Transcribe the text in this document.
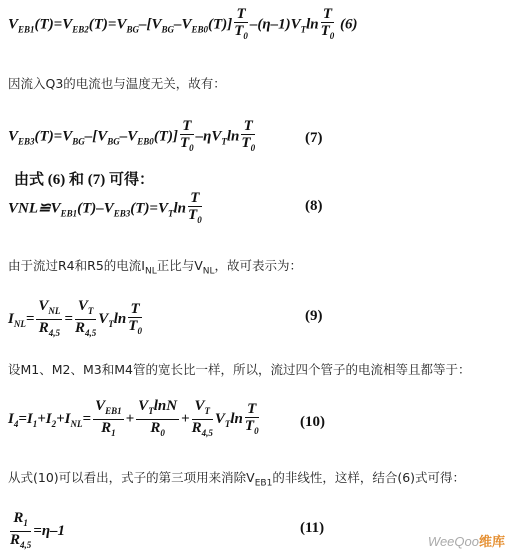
$V_{EB1}(T)=V_{EB2}(T)=V_{BG}-[V_{BG}-V_{EB0}(T)] \frac{T}{T_0} -(\eta-1)V_T\ln \frac{T}{T_0} (6)$
因流入Q3的电流也与温度无关，故有：
$V_{EB3}(T)=V_{BG}-[V_{BG}-V_{EB0}(T)] \frac{T}{T_0} -\eta V_T\ln \frac{T}{T_0}$	(7)
由式 (6) 和 (7) 可得：
$VNL≌V_{EB1}(T)-V_{EB3}(T)=V_T\ln \frac{T}{T_0}$	(8)
由于流过R4和R5的电流$I_{NL}$正比与$V_{NL}$，故可表示为：
$I_{NL}= \frac{V_{NL}}{R_{4,5}} = \frac{V_T}{R_{4,5}} V_T\ln \frac{T}{T_0}$	(9)
设M1、M2、M3和M4管的宽长比一样，所以，流过四个管子的电流相等且都等于：
$I_4=I_1+I_2+I_{NL}= \frac{V_{EB1}}{R_1} + \frac{V_T\ln N}{R_0} + \frac{V_T}{R_{4,5}} V_T\ln \frac{T}{T_0}$	(10)
从式(10)可以看出，式子的第三项用来消除$V_{EB1}$的非线性，这样，结合(6)式可得：
$\frac{R_1}{R_{4,5}} =\eta-1$	(11)
WeeQoo维库
